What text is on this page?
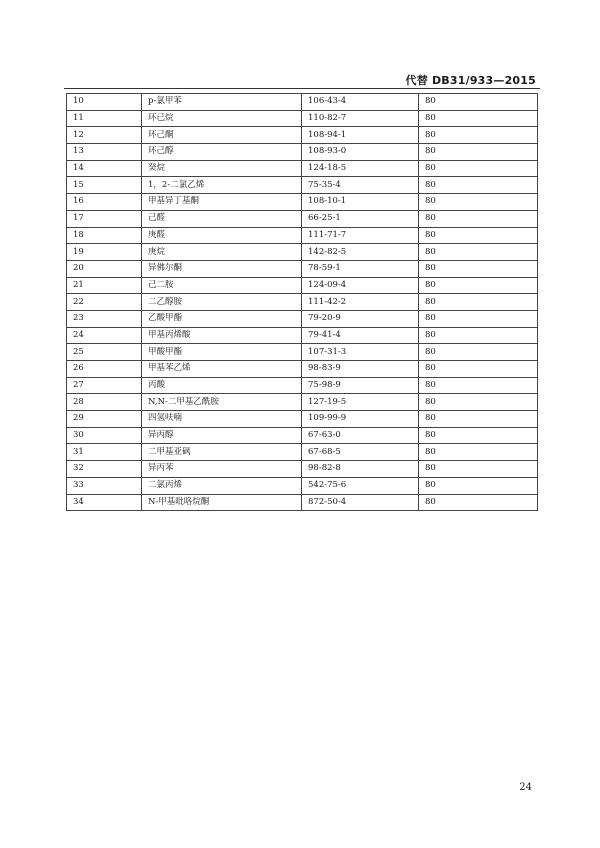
代替 DB31/933—2015
10	p-氯甲苯	106-43-4	80
11	环己烷	110-82-7	80
12	环己酮	108-94-1	80
13	环己醇	108-93-0	80
14	癸烷	124-18-5	80
15	1，2-二氯乙烯	75-35-4	80
16	甲基异丁基酮	108-10-1	80
17	己醛	66-25-1	80
18	庚醛	111-71-7	80
19	庚烷	142-82-5	80
20	异佛尔酮	78-59-1	80
21	己二胺	124-09-4	80
22	二乙醇胺	111-42-2	80
23	乙酸甲酯	79-20-9	80
24	甲基丙烯酸	79-41-4	80
25	甲酸甲酯	107-31-3	80
26	甲基苯乙烯	98-83-9	80
27	丙酸	75-98-9	80
28	N,N-二甲基乙酰胺	127-19-5	80
29	四氢呋喃	109-99-9	80
30	异丙醇	67-63-0	80
31	二甲基亚砜	67-68-5	80
32	异丙苯	98-82-8	80
33	二氯丙烯	542-75-6	80
34	N-甲基吡咯烷酮	872-50-4	80
24
